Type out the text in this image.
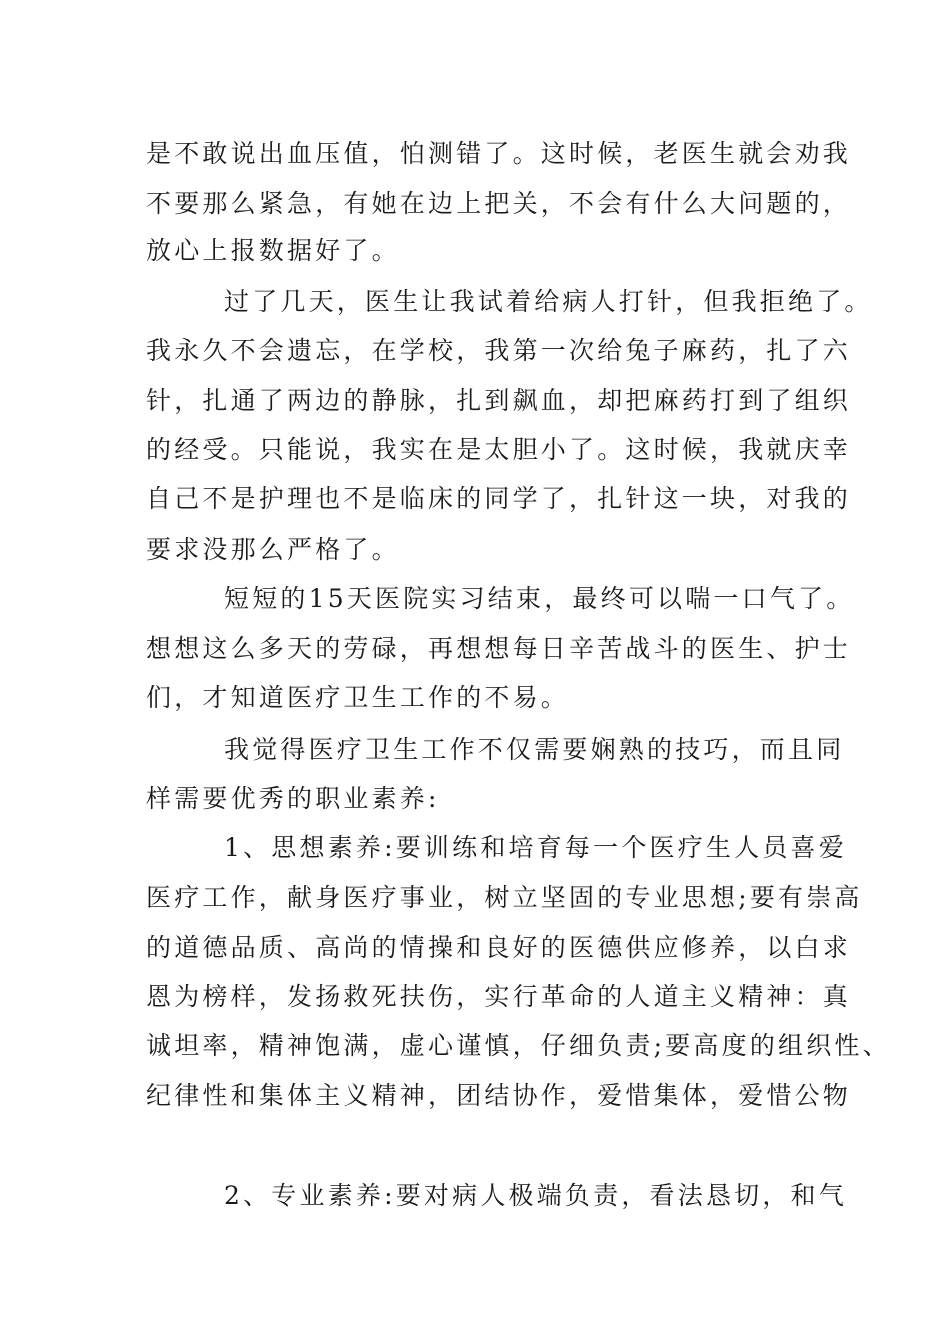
是不敢说出血压值，怕测错了。这时候，老医生就会劝我
不要那么紧急，有她在边上把关，不会有什么大问题的，
放心上报数据好了。
过了几天，医生让我试着给病人打针，但我拒绝了。
我永久不会遗忘，在学校，我第一次给兔子麻药，扎了六
针，扎通了两边的静脉，扎到飙血，却把麻药打到了组织
的经受。只能说，我实在是太胆小了。这时候，我就庆幸
自己不是护理也不是临床的同学了，扎针这一块，对我的
要求没那么严格了。
短短的15天医院实习结束，最终可以喘一口气了。
想想这么多天的劳碌，再想想每日辛苦战斗的医生、护士
们，才知道医疗卫生工作的不易。
我觉得医疗卫生工作不仅需要娴熟的技巧，而且同
样需要优秀的职业素养:
1、思想素养:要训练和培育每一个医疗生人员喜爱
医疗工作，献身医疗事业，树立坚固的专业思想;要有崇高
的道德品质、高尚的情操和良好的医德供应修养，以白求
恩为榜样，发扬救死扶伤，实行革命的人道主义精神：真
诚坦率，精神饱满，虚心谨慎，仔细负责;要高度的组织性、
纪律性和集体主义精神，团结协作，爱惜集体，爱惜公物
2、专业素养:要对病人极端负责，看法恳切，和气
